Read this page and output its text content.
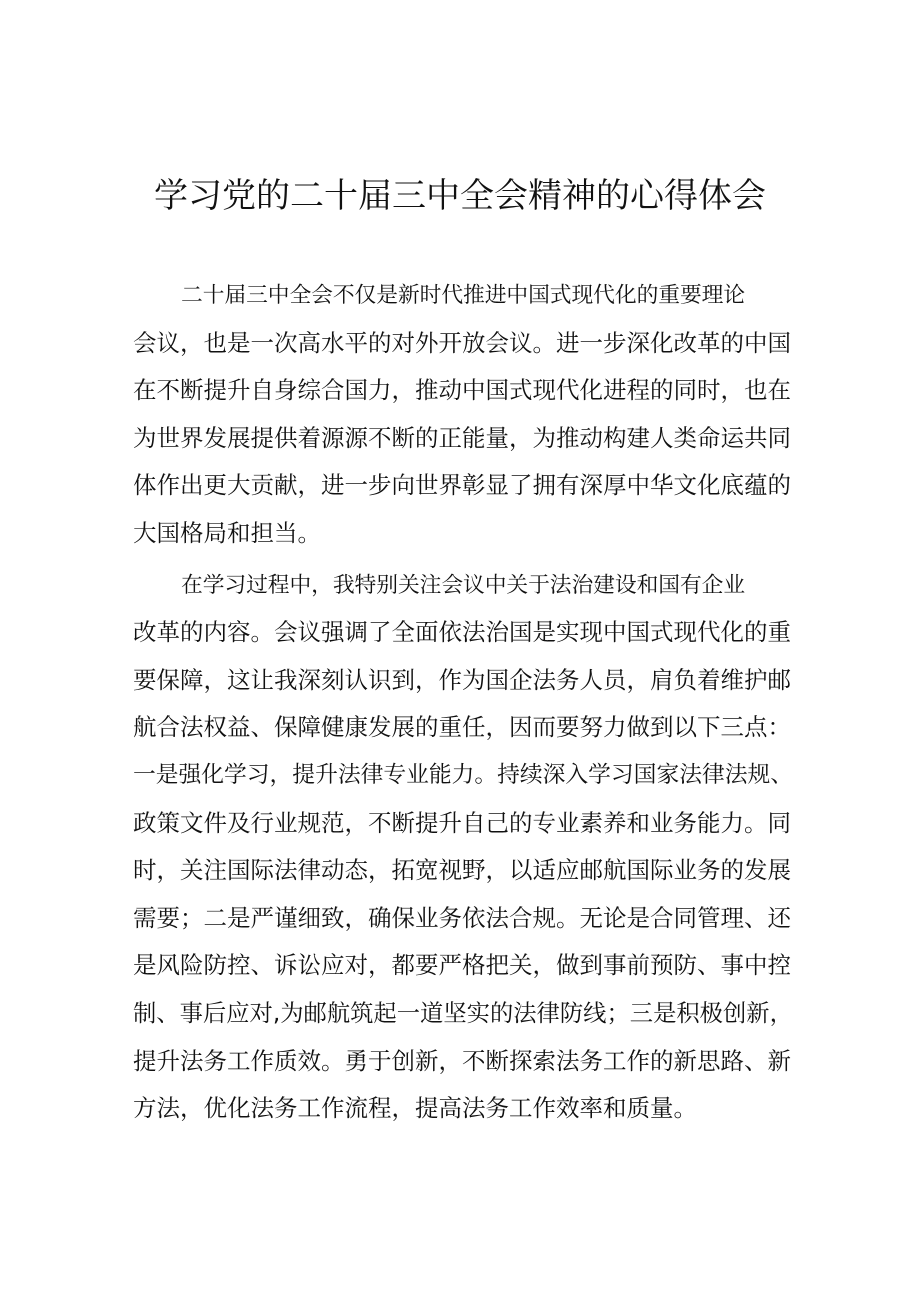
学习党的二十届三中全会精神的心得体会

二十届三中全会不仅是新时代推进中国式现代化的重要理论
会议，也是一次高水平的对外开放会议。进一步深化改革的中国
在不断提升自身综合国力，推动中国式现代化进程的同时，也在
为世界发展提供着源源不断的正能量，为推动构建人类命运共同
体作出更大贡献，进一步向世界彰显了拥有深厚中华文化底蕴的
大国格局和担当。

在学习过程中，我特别关注会议中关于法治建设和国有企业
改革的内容。会议强调了全面依法治国是实现中国式现代化的重
要保障，这让我深刻认识到，作为国企法务人员，肩负着维护邮
航合法权益、保障健康发展的重任，因而要努力做到以下三点：
一是强化学习，提升法律专业能力。持续深入学习国家法律法规、
政策文件及行业规范，不断提升自己的专业素养和业务能力。同
时，关注国际法律动态，拓宽视野，以适应邮航国际业务的发展
需要；二是严谨细致，确保业务依法合规。无论是合同管理、还
是风险防控、诉讼应对，都要严格把关，做到事前预防、事中控
制、事后应对,为邮航筑起一道坚实的法律防线；三是积极创新，
提升法务工作质效。勇于创新，不断探索法务工作的新思路、新
方法，优化法务工作流程，提高法务工作效率和质量。
